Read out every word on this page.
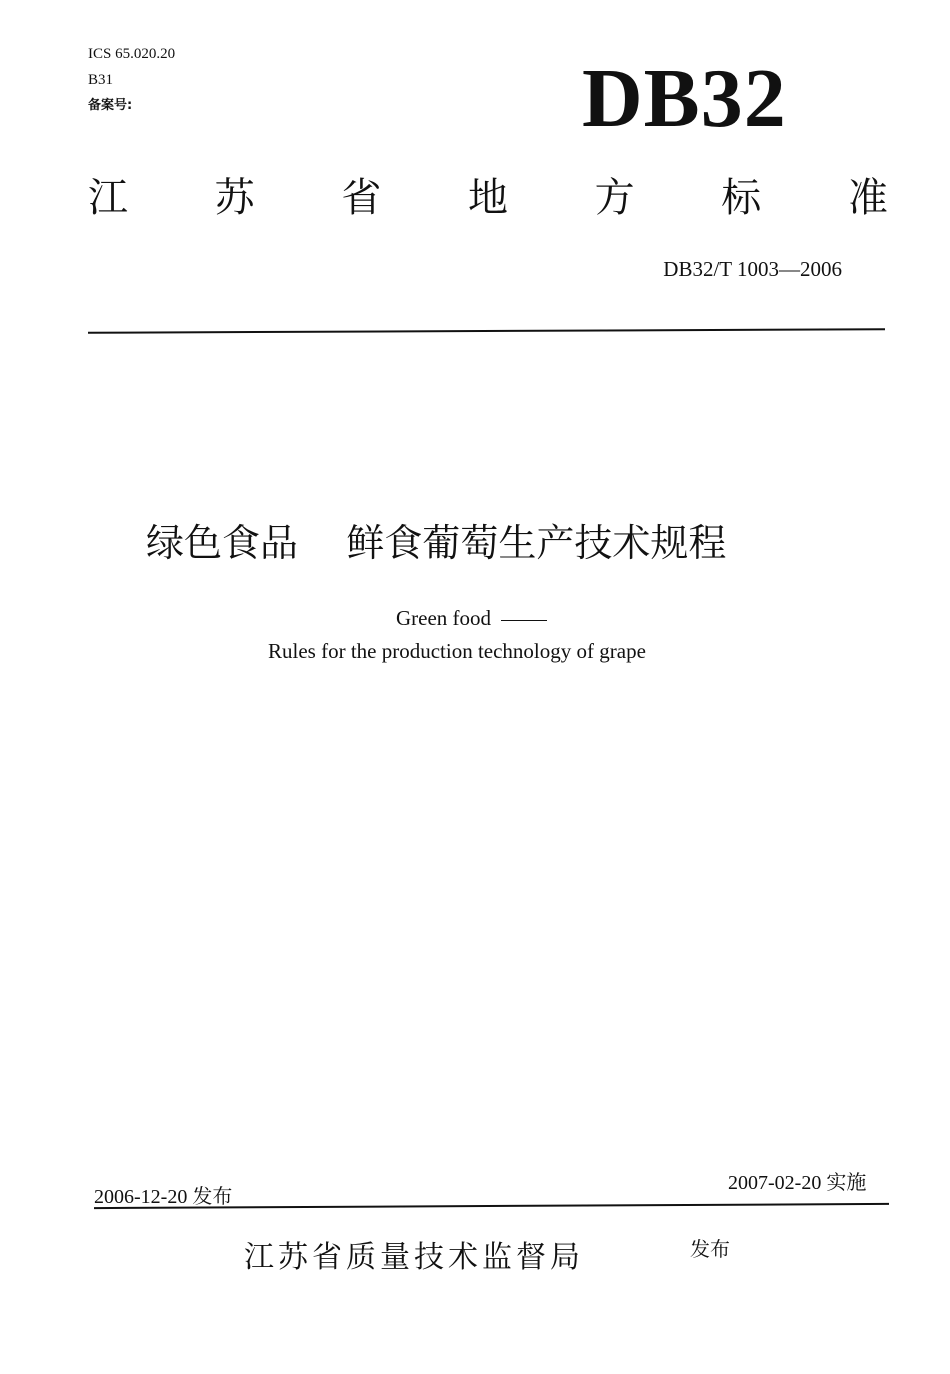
ICS 65.020.20
B31
备案号:	DB32
江 苏 省 地 方 标 准
DB32/T 1003—2006
绿色食品    鲜食葡萄生产技术规程
Green food
Rules for the production technology of grape
2006-12-20 发布
2007-02-20 实施
江苏省质量技术监督局	发布
